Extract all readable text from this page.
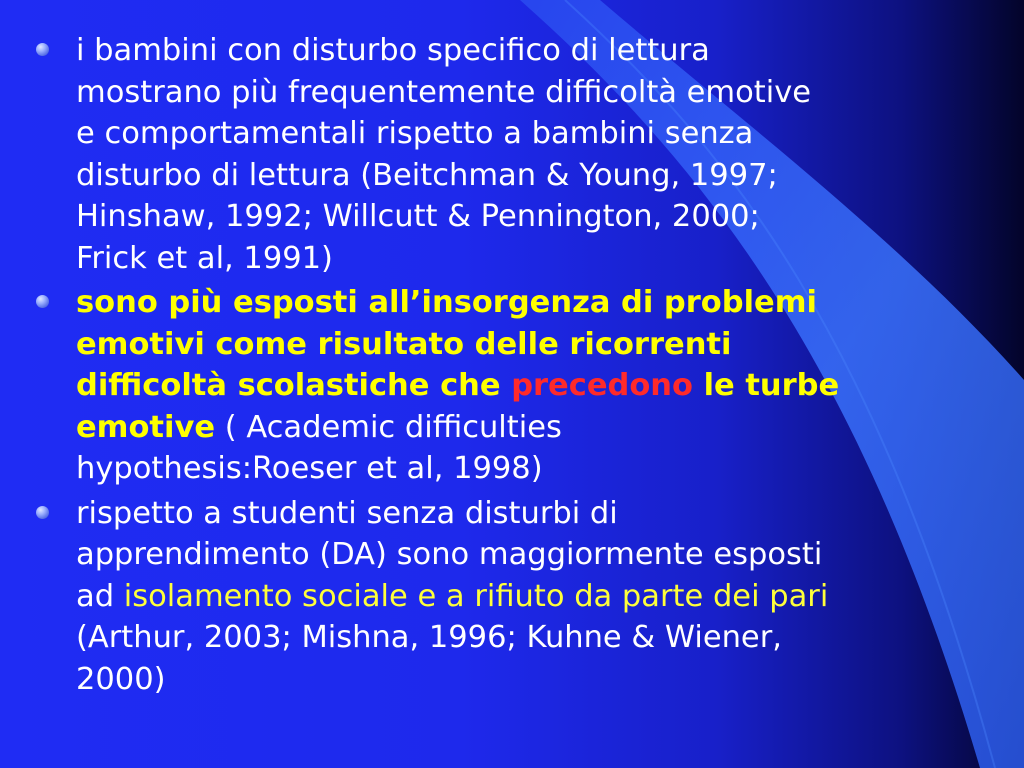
i bambini con disturbo specifico di lettura
mostrano più frequentemente difficoltà emotive
e comportamentali rispetto a bambini senza
disturbo di lettura (Beitchman & Young, 1997;
Hinshaw, 1992; Willcutt & Pennington, 2000;
Frick et al, 1991)
sono più esposti all’insorgenza di problemi
emotivi come risultato delle ricorrenti
difficoltà scolastiche che precedono le turbe
emotive ( Academic difficulties
hypothesis:Roeser et al, 1998)
rispetto a studenti senza disturbi di
apprendimento (DA) sono maggiormente esposti
ad isolamento sociale e a rifiuto da parte dei pari
(Arthur, 2003; Mishna, 1996; Kuhne & Wiener,
2000)
